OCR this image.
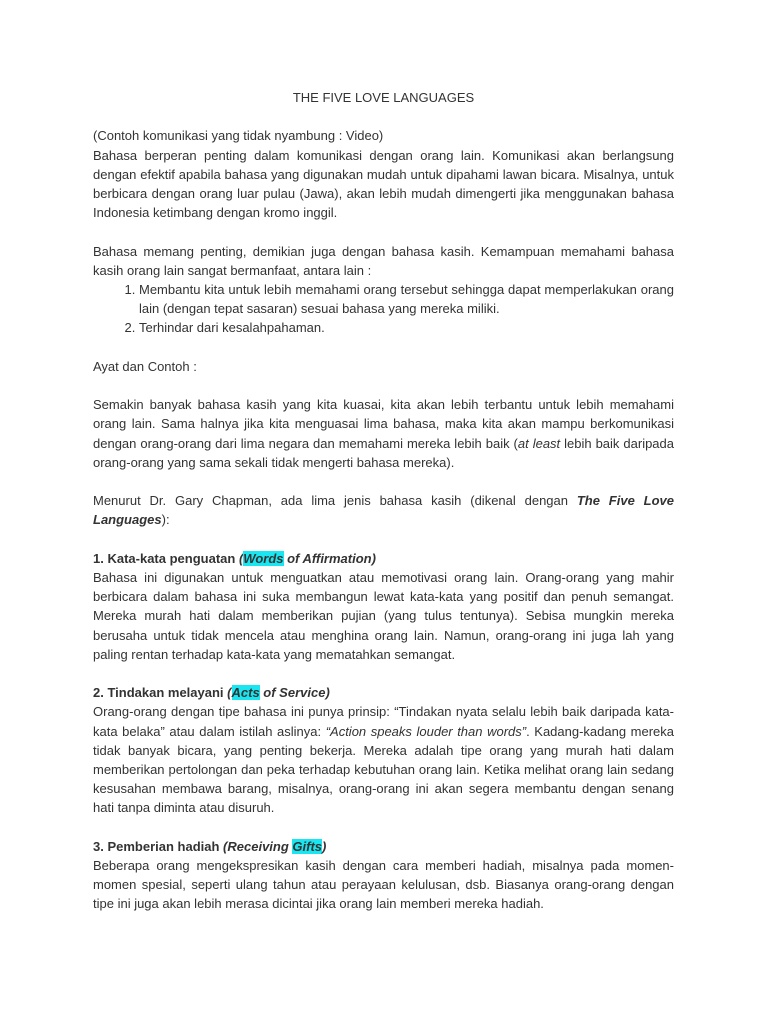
THE FIVE LOVE LANGUAGES

(Contoh komunikasi yang tidak nyambung : Video)

Bahasa berperan penting dalam komunikasi dengan orang lain. Komunikasi akan berlangsung dengan efektif apabila bahasa yang digunakan mudah untuk dipahami lawan bicara. Misalnya, untuk berbicara dengan orang luar pulau (Jawa), akan lebih mudah dimengerti jika menggunakan bahasa Indonesia ketimbang dengan kromo inggil.

Bahasa memang penting, demikian juga dengan bahasa kasih. Kemampuan memahami bahasa kasih orang lain sangat bermanfaat, antara lain :

1. Membantu kita untuk lebih memahami orang tersebut sehingga dapat memperlakukan orang lain (dengan tepat sasaran) sesuai bahasa yang mereka miliki.
2. Terhindar dari kesalahpahaman.

Ayat dan Contoh :

Semakin banyak bahasa kasih yang kita kuasai, kita akan lebih terbantu untuk lebih memahami orang lain. Sama halnya jika kita menguasai lima bahasa, maka kita akan mampu berkomunikasi dengan orang-orang dari lima negara dan memahami mereka lebih baik (at least lebih baik daripada orang-orang yang sama sekali tidak mengerti bahasa mereka).

Menurut Dr. Gary Chapman, ada lima jenis bahasa kasih (dikenal dengan The Five Love Languages):

1. Kata-kata penguatan (Words of Affirmation)

Bahasa ini digunakan untuk menguatkan atau memotivasi orang lain. Orang-orang yang mahir berbicara dalam bahasa ini suka membangun lewat kata-kata yang positif dan penuh semangat. Mereka murah hati dalam memberikan pujian (yang tulus tentunya). Sebisa mungkin mereka berusaha untuk tidak mencela atau menghina orang lain. Namun, orang-orang ini juga lah yang paling rentan terhadap kata-kata yang mematahkan semangat.

2. Tindakan melayani (Acts of Service)

Orang-orang dengan tipe bahasa ini punya prinsip: “Tindakan nyata selalu lebih baik daripada kata-kata belaka” atau dalam istilah aslinya: “Action speaks louder than words”. Kadang-kadang mereka tidak banyak bicara, yang penting bekerja. Mereka adalah tipe orang yang murah hati dalam memberikan pertolongan dan peka terhadap kebutuhan orang lain. Ketika melihat orang lain sedang kesusahan membawa barang, misalnya, orang-orang ini akan segera membantu dengan senang hati tanpa diminta atau disuruh.

3. Pemberian hadiah (Receiving Gifts)

Beberapa orang mengekspresikan kasih dengan cara memberi hadiah, misalnya pada momen-momen spesial, seperti ulang tahun atau perayaan kelulusan, dsb. Biasanya orang-orang dengan tipe ini juga akan lebih merasa dicintai jika orang lain memberi mereka hadiah.
